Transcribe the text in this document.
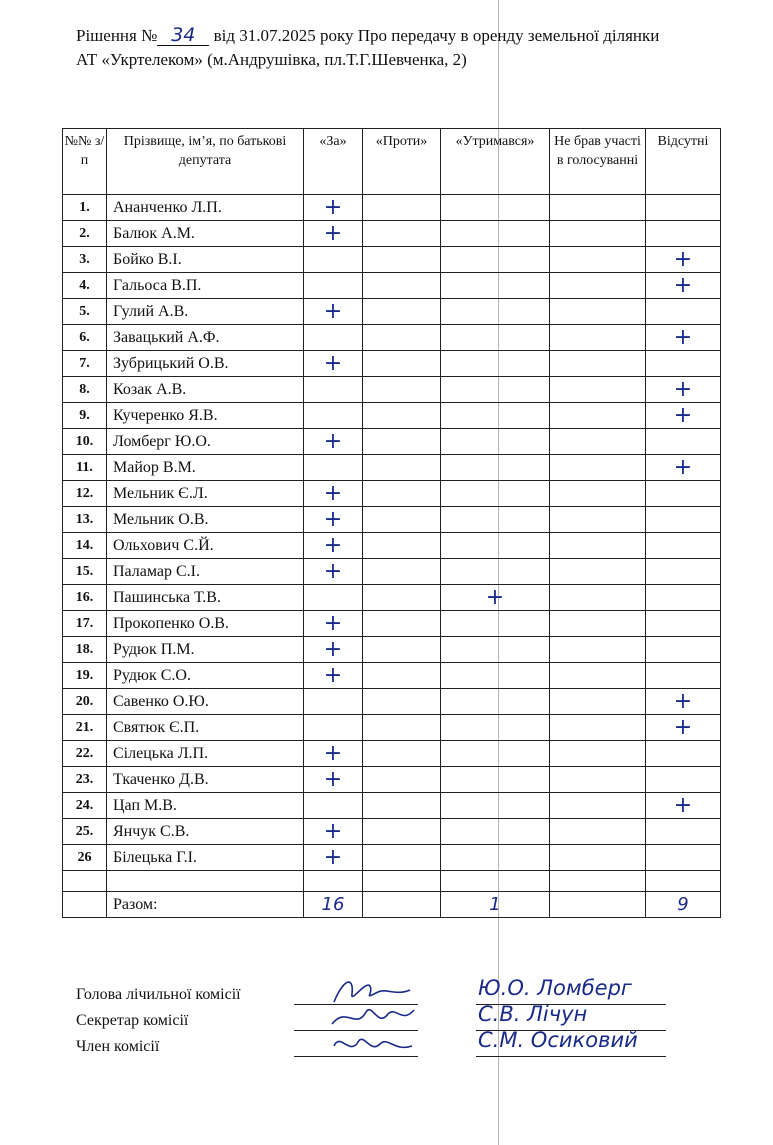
Рішення № 34 від 31.07.2025 року Про передачу в оренду земельної ділянки
АТ «Укртелеком» (м.Андрушівка, пл.Т.Г.Шевченка, 2)
№№ з/п	Прізвище, ім’я, по батькові депутата	«За»	«Проти»	«Утримався»	Не брав участі в голосуванні	Відсутні
1.	Ананченко Л.П.	+				
2.	Балюк А.М.	+				
3.	Бойко В.І.					+
4.	Гальоса В.П.					+
5.	Гулий А.В.	+				
6.	Завацький А.Ф.					+
7.	Зубрицький О.В.	+				
8.	Козак А.В.					+
9.	Кучеренко Я.В.					+
10.	Ломберг Ю.О.	+				
11.	Майор В.М.					+
12.	Мельник Є.Л.	+				
13.	Мельник О.В.	+				
14.	Ольхович С.Й.	+				
15.	Паламар С.І.	+				
16.	Пашинська Т.В.			+		
17.	Прокопенко О.В.	+				
18.	Рудюк П.М.	+				
19.	Рудюк С.О.	+				
20.	Савенко О.Ю.					+
21.	Святюк Є.П.					+
22.	Сілецька Л.П.	+				
23.	Ткаченко Д.В.	+				
24.	Цап М.В.					+
25.	Янчук С.В.	+				
26	Білецька Г.І.	+				

	Разом:	16		1		9
Голова лічильної комісії	Ю.О. Ломберг
Секретар комісії	С.В. Лічун
Член комісії	С.М. Осиковий
